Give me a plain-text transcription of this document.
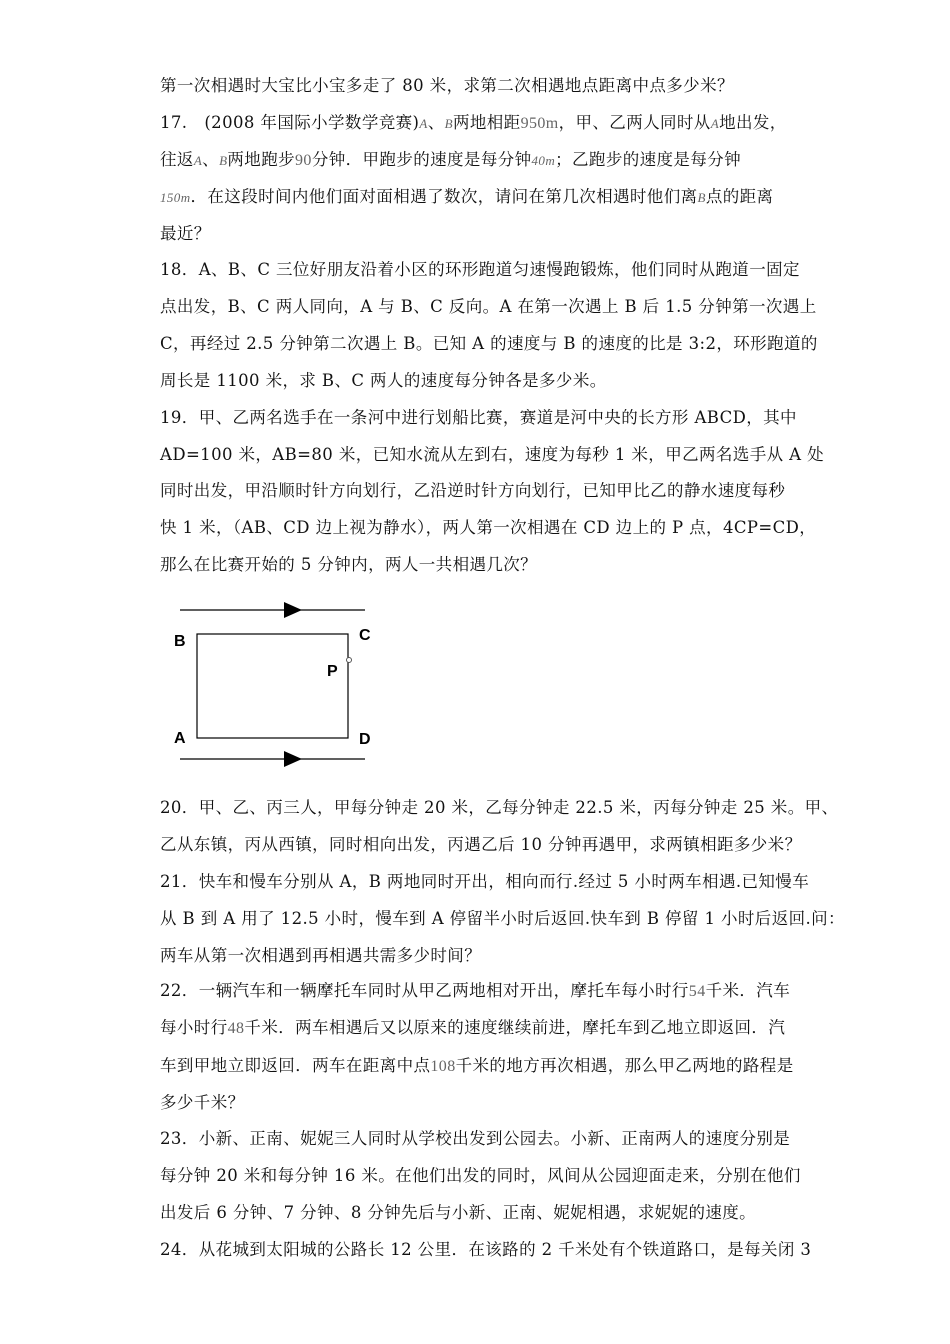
第一次相遇时大宝比小宝多走了 80 米，求第二次相遇地点距离中点多少米？
17.　(2008 年国际小学数学竞赛)A、B两地相距950m，甲、乙两人同时从A地出发，
往返A、B两地跑步90分钟．甲跑步的速度是每分钟40m；乙跑步的速度是每分钟
150m．在这段时间内他们面对面相遇了数次，请问在第几次相遇时他们离B点的距离
最近？
18．A、B、C 三位好朋友沿着小区的环形跑道匀速慢跑锻炼，他们同时从跑道一固定
点出发，B、C 两人同向，A 与 B、C 反向。A 在第一次遇上 B 后 1.5 分钟第一次遇上
C，再经过 2.5 分钟第二次遇上 B。已知 A 的速度与 B 的速度的比是 3:2，环形跑道的
周长是 1100 米，求 B、C 两人的速度每分钟各是多少米。
19．甲、乙两名选手在一条河中进行划船比赛，赛道是河中央的长方形 ABCD，其中
AD=100 米，AB=80 米，已知水流从左到右，速度为每秒 1 米，甲乙两名选手从 A 处
同时出发，甲沿顺时针方向划行，乙沿逆时针方向划行，已知甲比乙的静水速度每秒
快 1 米，（AB、CD 边上视为静水），两人第一次相遇在 CD 边上的 P 点，4CP=CD，
那么在比赛开始的 5 分钟内，两人一共相遇几次？
B	C
P
A	D
20．甲、乙、丙三人，甲每分钟走 20 米，乙每分钟走 22.5 米，丙每分钟走 25 米。甲、
乙从东镇，丙从西镇，同时相向出发，丙遇乙后 10 分钟再遇甲，求两镇相距多少米？
21．快车和慢车分别从 A，B 两地同时开出，相向而行.经过 5 小时两车相遇.已知慢车
从 B 到 A 用了 12.5 小时，慢车到 A 停留半小时后返回.快车到 B 停留 1 小时后返回.问：
两车从第一次相遇到再相遇共需多少时间？
22．一辆汽车和一辆摩托车同时从甲乙两地相对开出，摩托车每小时行54千米．汽车
每小时行48千米．两车相遇后又以原来的速度继续前进，摩托车到乙地立即返回．汽
车到甲地立即返回．两车在距离中点108千米的地方再次相遇，那么甲乙两地的路程是
多少千米？
23．小新、正南、妮妮三人同时从学校出发到公园去。小新、正南两人的速度分别是
每分钟 20 米和每分钟 16 米。在他们出发的同时，风间从公园迎面走来，分别在他们
出发后 6 分钟、7 分钟、8 分钟先后与小新、正南、妮妮相遇，求妮妮的速度。
24．从花城到太阳城的公路长 12 公里．在该路的 2 千米处有个铁道路口，是每关闭 3
